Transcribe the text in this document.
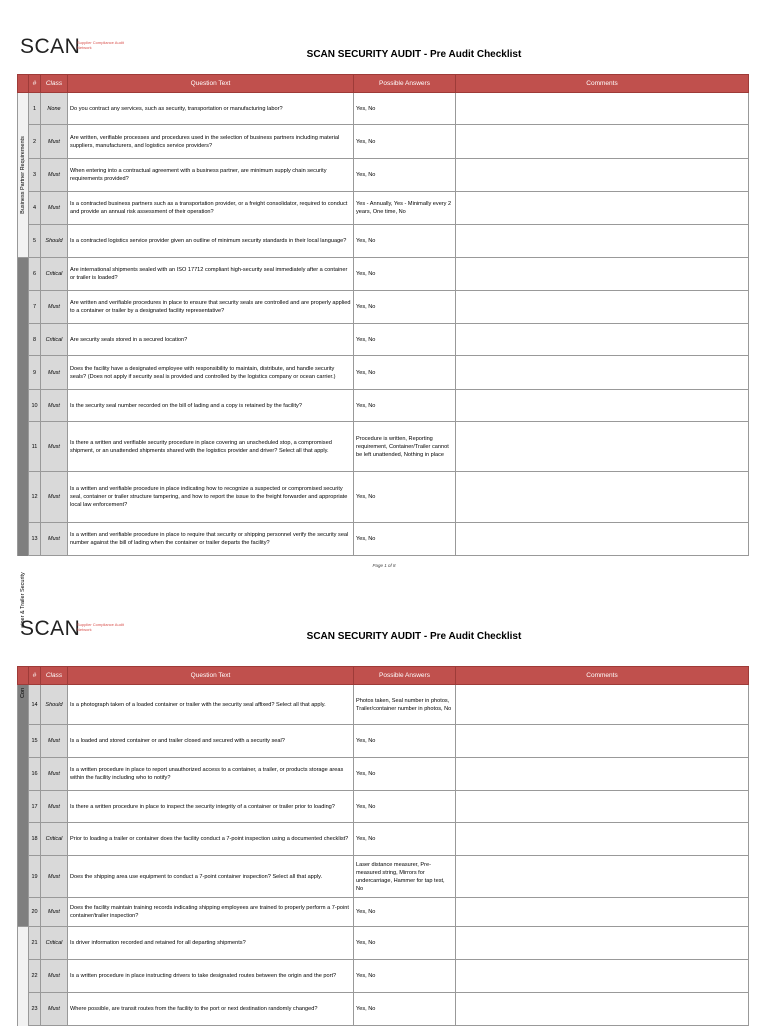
SCAN
Supplier Compliance Audit Network
SCAN SECURITY AUDIT - Pre Audit Checklist
	#	Class	Question Text	Possible Answers	Comments

Business Partner Requirements	1	None	Do you contract any services, such as security, transportation or manufacturing labor?	Yes, No	
	2	Must	Are written, verifiable processes and procedures used in the selection of business partners including material suppliers, manufacturers, and logistics service providers?	Yes, No	
	3	Must	When entering into a contractual agreement with a business partner, are minimum supply chain security requirements provided?	Yes, No	
	4	Must	Is a contracted business partners such as a transportation provider, or a freight consolidator, required to conduct and provide an annual risk assessment of their operation?	Yes - Annually, Yes - Minimally every 2 years, One time, No	
	5	Should	Is a contracted logistics service provider given an outline of minimum security standards in their local language?	Yes, No	

ainer & Trailer Security	6	Critical	Are international shipments sealed with an ISO 17712 compliant high-security seal immediately after a container or trailer is loaded?	Yes, No	
	7	Must	Are written and verifiable procedures in place to ensure that security seals are controlled and are properly applied to a container or trailer by a designated facility representative?	Yes, No	
	8	Critical	Are security seals stored in a secured location?	Yes, No	
	9	Must	Does the facility have a designated employee with responsibility to maintain, distribute, and handle security seals? (Does not apply if security seal is provided and controlled by the logistics company or ocean carrier.)	Yes, No	
	10	Must	Is the security seal number recorded on the bill of lading and a copy is retained by the facility?	Yes, No	
	11	Must	Is there a written and verifiable security procedure in place covering an unscheduled stop, a compromised shipment, or an unattended shipments shared with the logistics provider and driver? Select all that apply.	Procedure is written, Reporting requirement, Container/Trailer cannot be left unattended, Nothing in place	
	12	Must	Is a written and verifiable procedure in place indicating how to recognize a suspected or compromised security seal, container or trailer structure tampering, and how to report the issue to the freight forwarder and appropriate local law enforcement?	Yes, No	
	13	Must	Is a written and verifiable procedure in place to require that security or shipping personnel verify the security seal number against the bill of lading when the container or trailer departs the facility?	Yes, No	
Page 1 of 8
SCAN
Supplier Compliance Audit Network
SCAN SECURITY AUDIT - Pre Audit Checklist
	#	Class	Question Text	Possible Answers	Comments

Con	14	Should	Is a photograph taken of a loaded container or trailer with the security seal affixed? Select all that apply.	Photos taken, Seal number in photos, Trailer/container number in photos, No	
	15	Must	Is a loaded and stored container or and trailer closed and secured with a security seal?	Yes, No	
	16	Must	Is a written procedure in place to report unauthorized access to a container, a trailer, or products storage areas within the facility including who to notify?	Yes, No	
	17	Must	Is there a written procedure in place to inspect the security integrity of a container or trailer prior to loading?	Yes, No	
	18	Critical	Prior to loading a trailer or container does the facility conduct a 7-point inspection using a documented checklist?	Yes, No	
	19	Must	Does the shipping area use equipment to conduct a 7-point container inspection? Select all that apply.	Laser distance measurer, Pre-measured string, Mirrors for undercarriage, Hammer for tap test, No	
	20	Must	Does the facility maintain training records indicating shipping employees are trained to properly perform a 7-point container/trailer inspection?	Yes, No	
	21	Critical	Is driver information recorded and retained for all departing shipments?	Yes, No	
	22	Must	Is a written procedure in place instructing drivers to take designated routes between the origin and the port?	Yes, No	
	23	Must	Where possible, are transit routes from the facility to the port or next destination randomly changed?	Yes, No	
